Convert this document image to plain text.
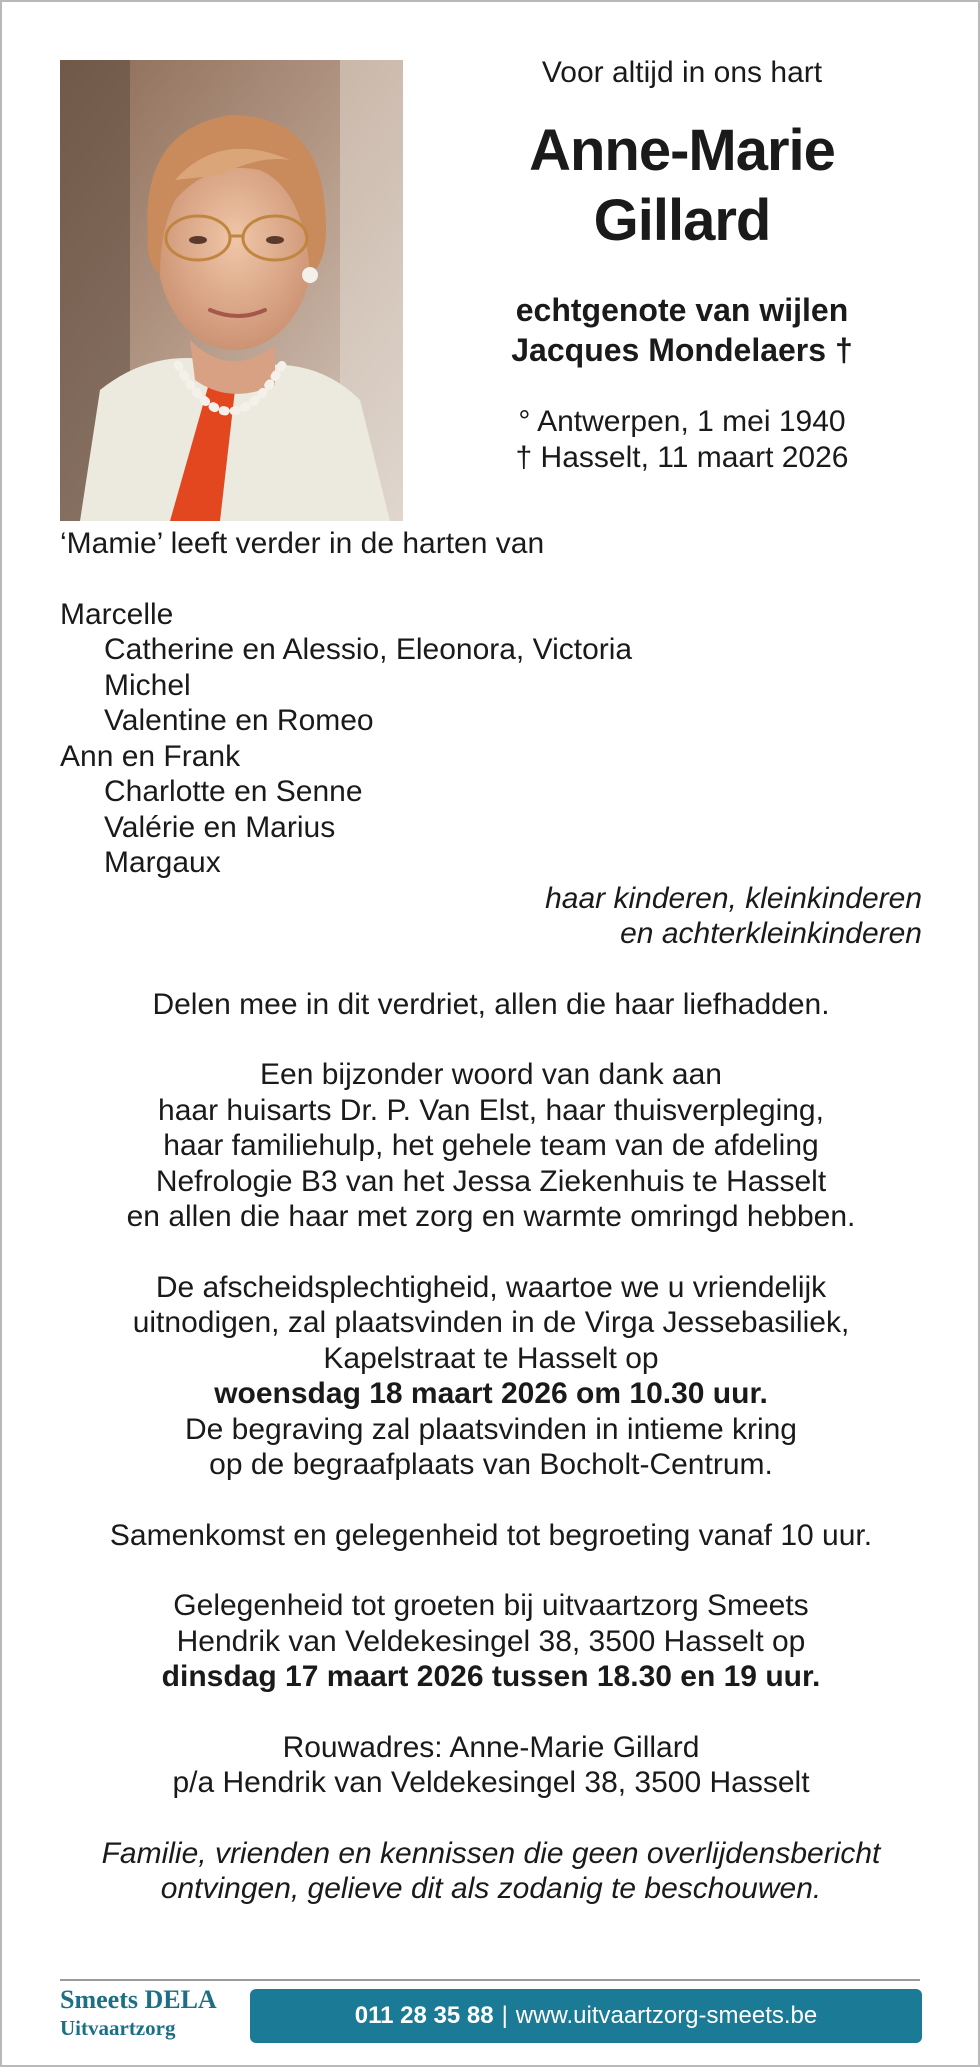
Voor altijd in ons hart

Anne-Marie
Gillard
echtgenote van wijlen
Jacques Mondelaers †
° Antwerpen, 1 mei 1940
† Hasselt, 11 maart 2026

‘Mamie’ leeft verder in de harten van

Marcelle

Catherine en Alessio, Eleonora, Victoria

Michel

Valentine en Romeo

Ann en Frank

Charlotte en Senne

Valérie en Marius

Margaux

haar kinderen, kleinkinderen

en achterkleinkinderen

Delen mee in dit verdriet, allen die haar liefhadden.

Een bijzonder woord van dank aan

haar huisarts Dr. P. Van Elst, haar thuisverpleging,

haar familiehulp, het gehele team van de afdeling

Nefrologie B3 van het Jessa Ziekenhuis te Hasselt

en allen die haar met zorg en warmte omringd hebben.

De afscheidsplechtigheid, waartoe we u vriendelijk

uitnodigen, zal plaatsvinden in de Virga Jessebasiliek,

Kapelstraat te Hasselt op

woensdag 18 maart 2026 om 10.30 uur.

De begraving zal plaatsvinden in intieme kring

op de begraafplaats van Bocholt-Centrum.

Samenkomst en gelegenheid tot begroeting vanaf 10 uur.

Gelegenheid tot groeten bij uitvaartzorg Smeets

Hendrik van Veldekesingel 38, 3500 Hasselt op

dinsdag 17 maart 2026 tussen 18.30 en 19 uur.

Rouwadres: Anne-Marie Gillard

p/a Hendrik van Veldekesingel 38, 3500 Hasselt

Familie, vrienden en kennissen die geen overlijdensbericht

ontvingen, gelieve dit als zodanig te beschouwen.

Smeets DELA
Uitvaartzorg	011 28 35 88 | www.uitvaartzorg-smeets.be
